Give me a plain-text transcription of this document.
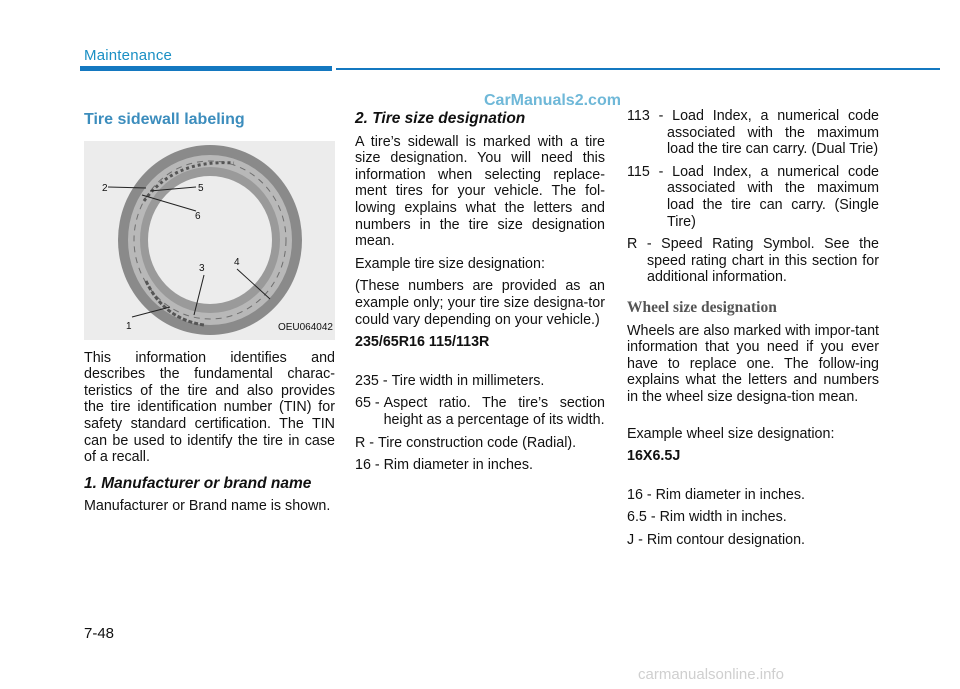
Maintenance
CarManuals2.com
Tire sidewall labeling
2	5
6
3
4
1	OEU064042

This information identifies and describes the fundamental charac-teristics of the tire and also provides the tire identification number (TIN) for safety standard certification. The TIN can be used to identify the tire in case of a recall.

1. Manufacturer or brand name

Manufacturer or Brand name is shown.

2. Tire size designation

A tire’s sidewall is marked with a tire size designation. You will need this information when selecting replace-ment tires for your vehicle. The fol-lowing explains what the letters and numbers in the tire size designation mean.

Example tire size designation:

(These numbers are provided as an example only; your tire size designa-tor could vary depending on your vehicle.)

235/65R16 115/113R
235 - Tire width in millimeters.
65 - Aspect ratio. The tire’s section height as a percentage of its width.
R - Tire construction code (Radial).
16 - Rim diameter in inches.
113 - Load Index, a numerical code associated with the maximum load the tire can carry. (Dual Trie)
115 - Load Index, a numerical code associated with the maximum load the tire can carry. (Single Tire)
R - Speed Rating Symbol. See the speed rating chart in this section for additional information.
Wheel size designation

Wheels are also marked with impor-tant information that you need if you ever have to replace one. The follow-ing explains what the letters and numbers in the wheel size designa-tion mean.

Example wheel size designation:

16X6.5J

16 - Rim diameter in inches.

6.5 - Rim width in inches.

J - Rim contour designation.

7-48
carmanualsonline.info
